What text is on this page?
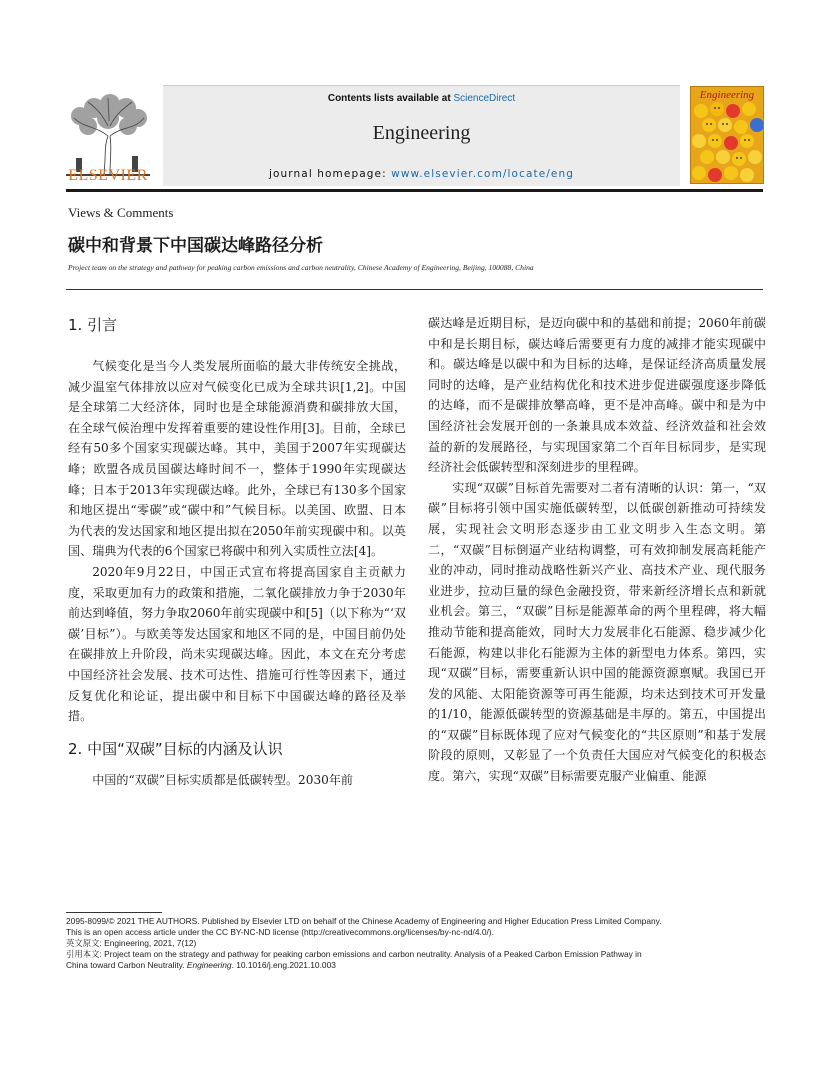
ELSEVIER
Contents lists available at ScienceDirect
Engineering
journal homepage: www.elsevier.com/locate/eng
Engineering
Views & Comments
碳中和背景下中国碳达峰路径分析
Project team on the strategy and pathway for peaking carbon emissions and carbon neutrality, Chinese Academy of Engineering, Beijing, 100088, China
1. 引言

气候变化是当今人类发展所面临的最大非传统安全挑战，减少温室气体排放以应对气候变化已成为全球共识[1,2]。中国是全球第二大经济体，同时也是全球能源消费和碳排放大国，在全球气候治理中发挥着重要的建设性作用[3]。目前，全球已经有50多个国家实现碳达峰。其中，美国于2007年实现碳达峰；欧盟各成员国碳达峰时间不一，整体于1990年实现碳达峰；日本于2013年实现碳达峰。此外，全球已有130多个国家和地区提出“零碳”或“碳中和”气候目标。以美国、欧盟、日本为代表的发达国家和地区提出拟在2050年前实现碳中和。以英国、瑞典为代表的6个国家已将碳中和列入实质性立法[4]。

2020年9月22日，中国正式宣布将提高国家自主贡献力度，采取更加有力的政策和措施，二氧化碳排放力争于2030年前达到峰值，努力争取2060年前实现碳中和[5]（以下称为“‘双碳’目标”）。与欧美等发达国家和地区不同的是，中国目前仍处在碳排放上升阶段，尚未实现碳达峰。因此，本文在充分考虑中国经济社会发展、技术可达性、措施可行性等因素下，通过反复优化和论证，提出碳中和目标下中国碳达峰的路径及举措。

2. 中国“双碳”目标的内涵及认识

中国的“双碳”目标实质都是低碳转型。2030年前

碳达峰是近期目标，是迈向碳中和的基础和前提；2060年前碳中和是长期目标，碳达峰后需要更有力度的减排才能实现碳中和。碳达峰是以碳中和为目标的达峰，是保证经济高质量发展同时的达峰，是产业结构优化和技术进步促进碳强度逐步降低的达峰，而不是碳排放攀高峰，更不是冲高峰。碳中和是为中国经济社会发展开创的一条兼具成本效益、经济效益和社会效益的新的发展路径，与实现国家第二个百年目标同步，是实现经济社会低碳转型和深刻进步的里程碑。

实现“双碳”目标首先需要对二者有清晰的认识：第一，“双碳”目标将引领中国实施低碳转型，以低碳创新推动可持续发展，实现社会文明形态逐步由工业文明步入生态文明。第二，“双碳”目标倒逼产业结构调整，可有效抑制发展高耗能产业的冲动，同时推动战略性新兴产业、高技术产业、现代服务业进步，拉动巨量的绿色金融投资，带来新经济增长点和新就业机会。第三，“双碳”目标是能源革命的两个里程碑，将大幅推动节能和提高能效，同时大力发展非化石能源、稳步减少化石能源，构建以非化石能源为主体的新型电力体系。第四，实现“双碳”目标，需要重新认识中国的能源资源禀赋。我国已开发的风能、太阳能资源等可再生能源，均未达到技术可开发量的1/10，能源低碳转型的资源基础是丰厚的。第五，中国提出的“双碳”目标既体现了应对气候变化的“共区原则”和基于发展阶段的原则，又彰显了一个负责任大国应对气候变化的积极态度。第六，实现“双碳”目标需要克服产业偏重、能源

2095-8099/© 2021 THE AUTHORS. Published by Elsevier LTD on behalf of the Chinese Academy of Engineering and Higher Education Press Limited Company.
This is an open access article under the CC BY-NC-ND license (http://creativecommons.org/licenses/by-nc-nd/4.0/).
英文原文: Engineering, 2021, 7(12)
引用本文: Project team on the strategy and pathway for peaking carbon emissions and carbon neutrality. Analysis of a Peaked Carbon Emission Pathway in
China toward Carbon Neutrality. Engineering. 10.1016/j.eng.2021.10.003
